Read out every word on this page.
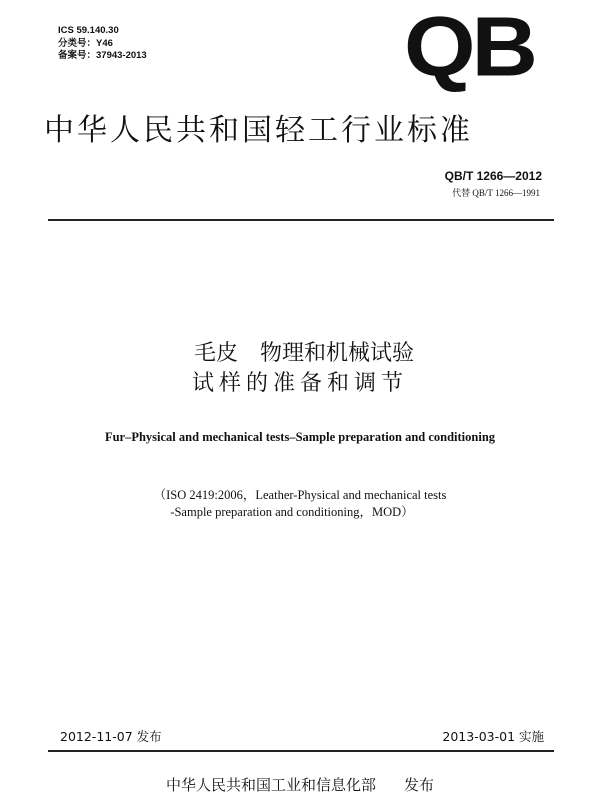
ICS 59.140.30
分类号：Y46
备案号：37943-2013	QB
中华人民共和国轻工行业标准
QB/T 1266—2012
代替 QB/T 1266—1991
毛皮　物理和机械试验
试样的准备和调节
Fur–Physical and mechanical tests–Sample preparation and conditioning
（ISO 2419:2006，Leather-Physical and mechanical tests
-Sample preparation and conditioning，MOD）
2012-11-07 发布	2013-03-01 实施
中华人民共和国工业和信息化部 发布
